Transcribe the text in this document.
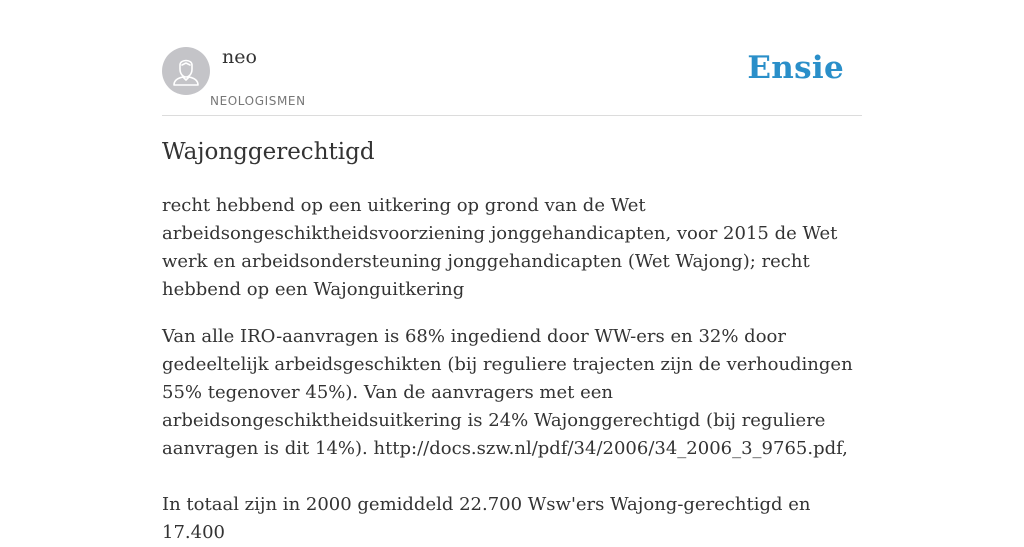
neo
NEOLOGISMEN
Ensie
Wajonggerechtigd

recht hebbend op een uitkering op grond van de Wet arbeidsongeschiktheidsvoorziening jonggehandicapten, voor 2015 de Wet werk en arbeidsondersteuning jonggehandicapten (Wet Wajong); recht hebbend op een Wajonguitkering

Van alle IRO-aanvragen is 68% ingediend door WW-ers en 32% door gedeeltelijk arbeidsgeschikten (bij reguliere trajecten zijn de verhoudingen 55% tegenover 45%). Van de aanvragers met een arbeidsongeschiktheidsuitkering is 24% Wajonggerechtigd (bij reguliere aanvragen is dit 14%). http://docs.szw.nl/pdf/34/2006/34_2006_3_9765.pdf,

In totaal zijn in 2000 gemiddeld 22.700 Wsw'ers Wajong-gerechtigd en 17.400
